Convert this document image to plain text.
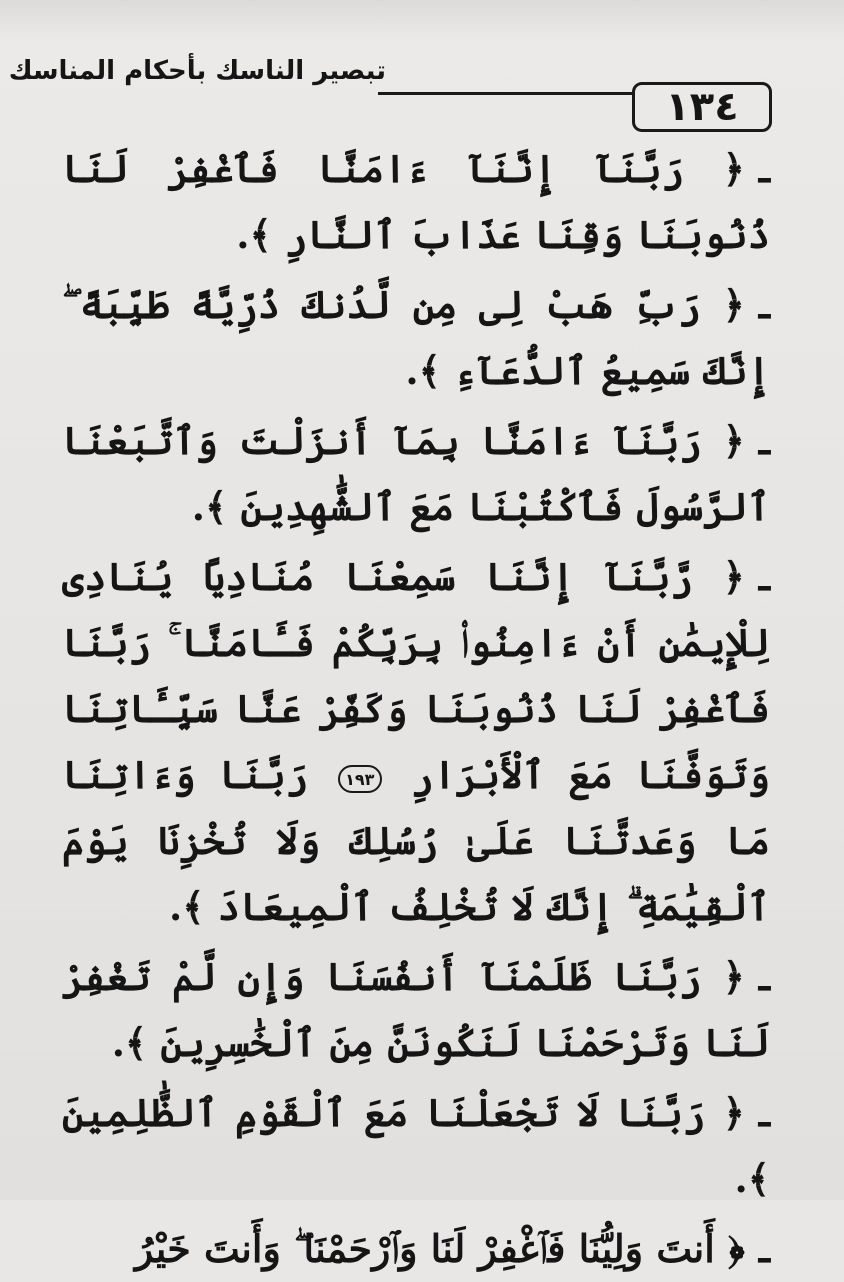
١٣٤
تبصير الناسك بأحكام المناسك

ـ﴿ رَبَّنَآ إِنَّنَآ ءَامَنَّا فَٱغْفِرْ لَنَا ذُنُوبَنَا وَقِنَا عَذَابَ ٱلنَّارِ ﴾.

ـ﴿ رَبِّ هَبْ لِى مِن لَّدُنكَ ذُرِّيَّةً طَيِّبَةً ۖ إِنَّكَ سَمِيعُ ٱلدُّعَآءِ ﴾.

ـ﴿ رَبَّنَآ ءَامَنَّا بِمَآ أَنزَلْتَ وَٱتَّبَعْنَا ٱلرَّسُولَ فَٱكْتُبْنَا مَعَ ٱلشَّٰهِدِينَ ﴾.

ـ﴿ رَّبَّنَآ إِنَّنَا سَمِعْنَا مُنَادِيًا يُنَادِى لِلْإِيمَٰنِ أَنْ ءَامِنُوا۟ بِرَبِّكُمْ فَـَٔامَنَّا ۚ رَبَّنَا فَٱغْفِرْ لَنَا ذُنُوبَنَا وَكَفِّرْ عَنَّا سَيِّـَٔاتِنَا وَتَوَفَّنَا مَعَ ٱلْأَبْرَارِ ١٩٣ رَبَّنَا وَءَاتِنَا مَا وَعَدتَّنَا عَلَىٰ رُسُلِكَ وَلَا تُخْزِنَا يَوْمَ ٱلْقِيَٰمَةِ ۗ إِنَّكَ لَا تُخْلِفُ ٱلْمِيعَادَ ﴾.

ـ﴿ رَبَّنَا ظَلَمْنَآ أَنفُسَنَا وَإِن لَّمْ تَغْفِرْ لَنَا وَتَرْحَمْنَا لَنَكُونَنَّ مِنَ ٱلْخَٰسِرِينَ ﴾.

ـ﴿ رَبَّنَا لَا تَجْعَلْنَا مَعَ ٱلْقَوْمِ ٱلظَّٰلِمِينَ ﴾.

ـ﴿ أَنتَ وَلِيُّنَا فَٱغْفِرْ لَنَا وَٱرْحَمْنَا ۖ وَأَنتَ خَيْرُ
